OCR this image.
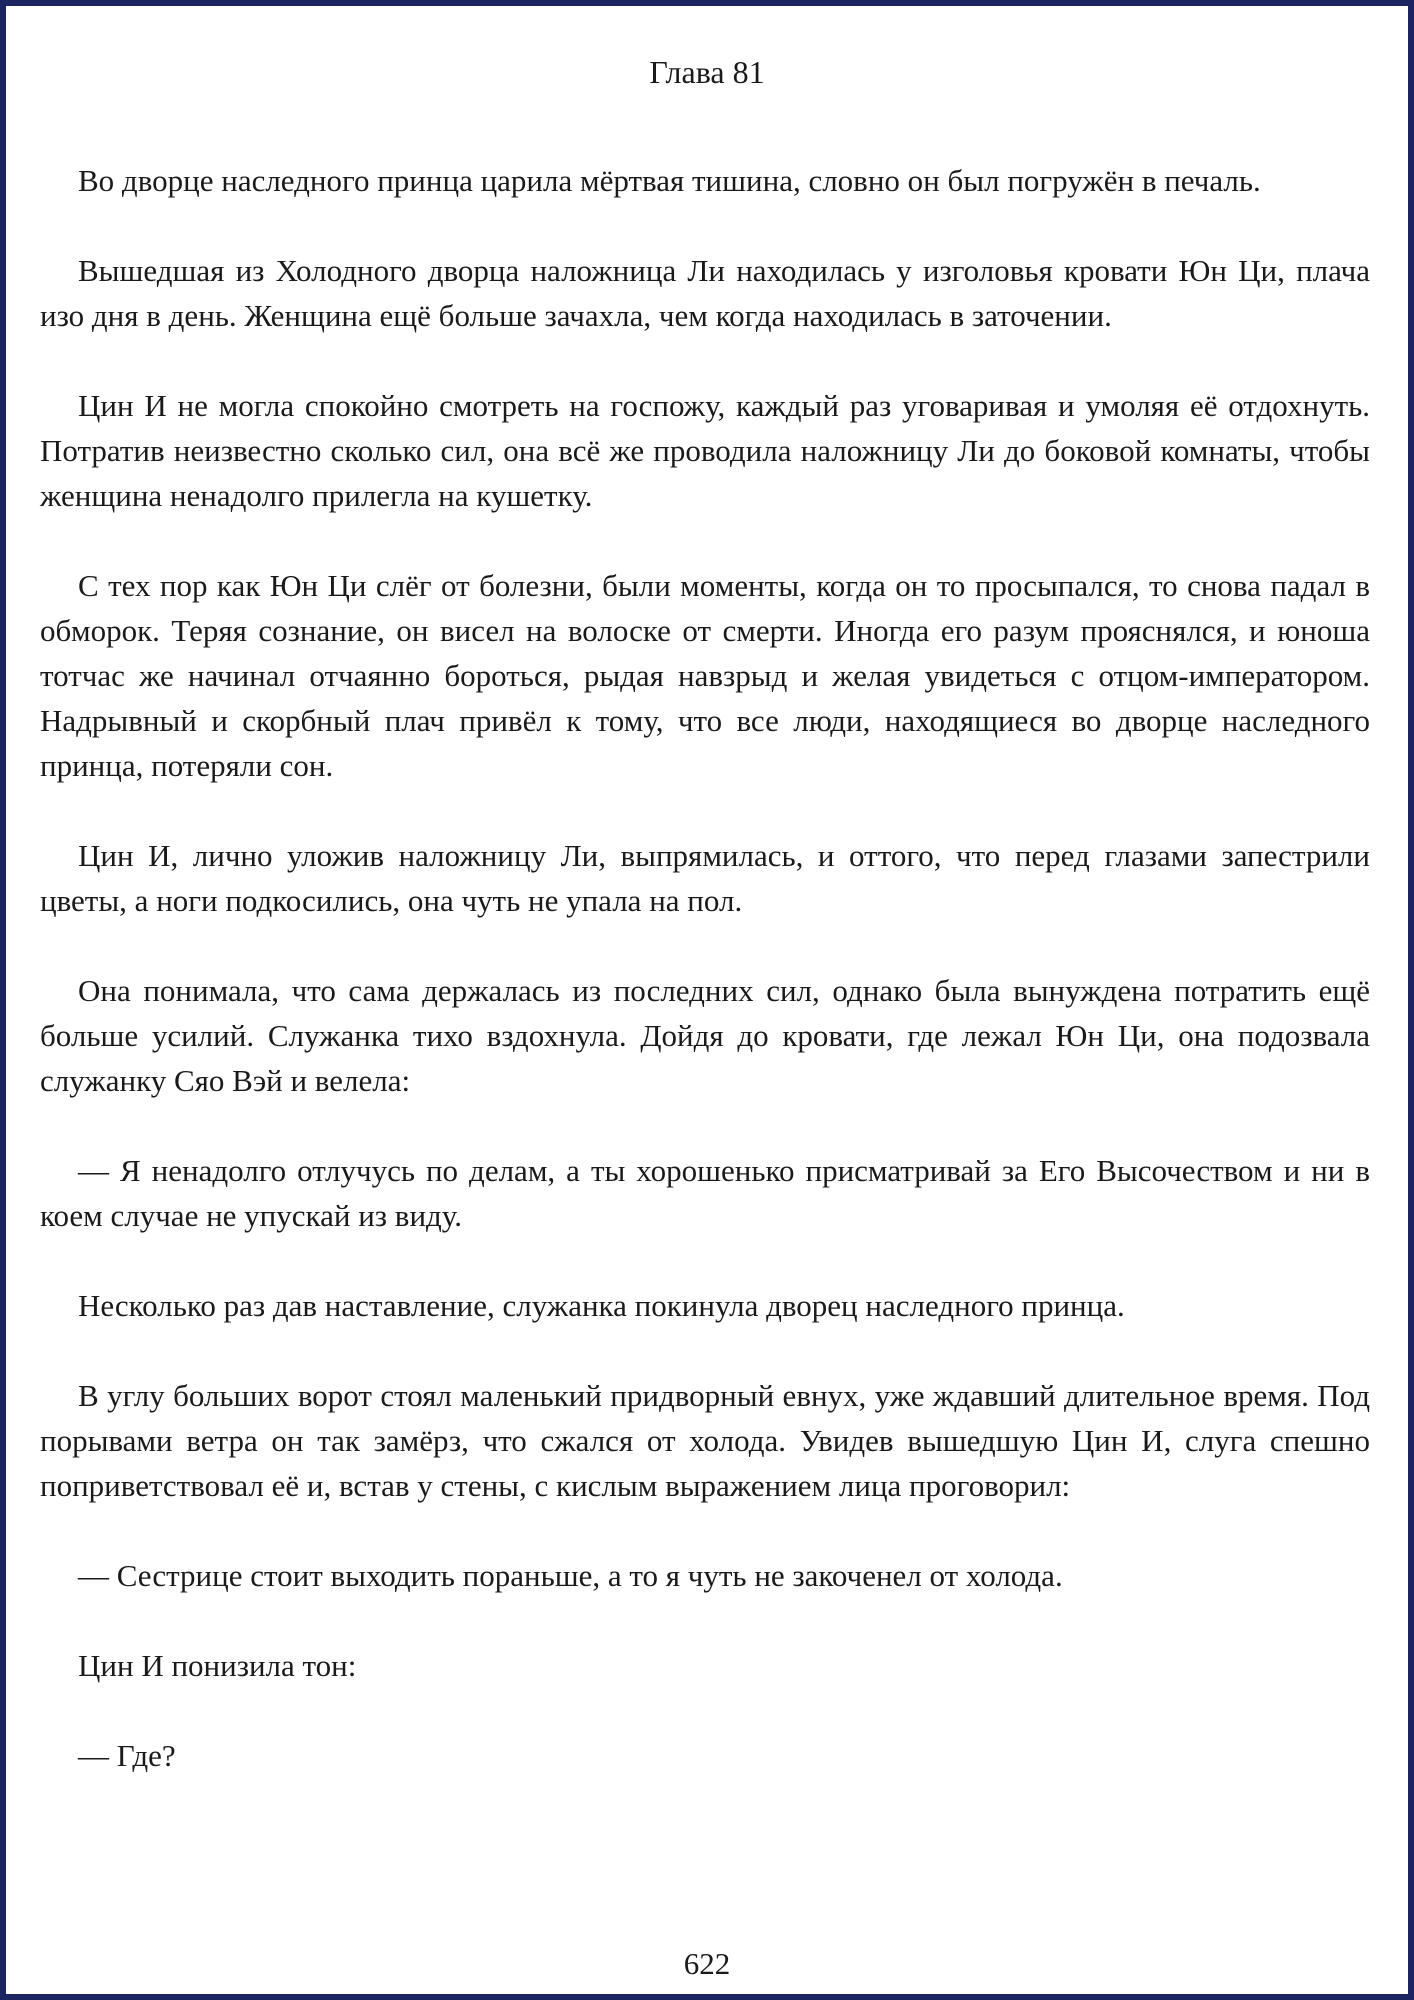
Глава 81

Во дворце наследного принца царила мёртвая тишина, словно он был погружён в печаль.

Вышедшая из Холодного дворца наложница Ли находилась у изголовья кровати Юн Ци, плача изо дня в день. Женщина ещё больше зачахла, чем когда находилась в заточении.

Цин И не могла спокойно смотреть на госпожу, каждый раз уговаривая и умоляя её отдохнуть. Потратив неизвестно сколько сил, она всё же проводила наложницу Ли до боковой комнаты, чтобы женщина ненадолго прилегла на кушетку.

С тех пор как Юн Ци слёг от болезни, были моменты, когда он то просыпался, то снова падал в обморок. Теряя сознание, он висел на волоске от смерти. Иногда его разум прояснялся, и юноша тотчас же начинал отчаянно бороться, рыдая навзрыд и желая увидеться с отцом-императором. Надрывный и скорбный плач привёл к тому, что все люди, находящиеся во дворце наследного принца, потеряли сон.

Цин И, лично уложив наложницу Ли, выпрямилась, и оттого, что перед глазами запестрили цветы, а ноги подкосились, она чуть не упала на пол.

Она понимала, что сама держалась из последних сил, однако была вынуждена потратить ещё больше усилий. Служанка тихо вздохнула. Дойдя до кровати, где лежал Юн Ци, она подозвала служанку Сяо Вэй и велела:

— Я ненадолго отлучусь по делам, а ты хорошенько присматривай за Его Высочеством и ни в коем случае не упускай из виду.

Несколько раз дав наставление, служанка покинула дворец наследного принца.

В углу больших ворот стоял маленький придворный евнух, уже ждавший длительное время. Под порывами ветра он так замёрз, что сжался от холода. Увидев вышедшую Цин И, слуга спешно поприветствовал её и, встав у стены, с кислым выражением лица проговорил:

— Сестрице стоит выходить пораньше, а то я чуть не закоченел от холода.

Цин И понизила тон:

— Где?

622
